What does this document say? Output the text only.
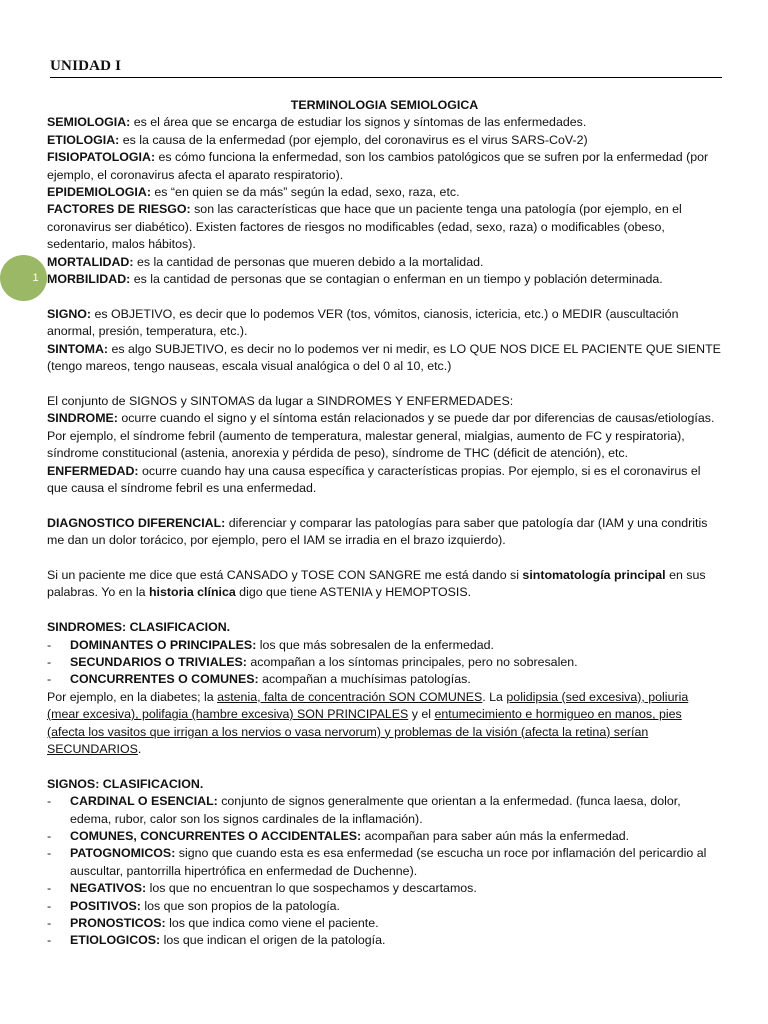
UNIDAD I
1

TERMINOLOGIA SEMIOLOGICA

SEMIOLOGIA: es el área que se encarga de estudiar los signos y síntomas de las enfermedades.

ETIOLOGIA: es la causa de la enfermedad (por ejemplo, del coronavirus es el virus SARS-CoV-2)

FISIOPATOLOGIA: es cómo funciona la enfermedad, son los cambios patológicos que se sufren por la enfermedad (por ejemplo, el coronavirus afecta el aparato respiratorio).

EPIDEMIOLOGIA: es “en quien se da más” según la edad, sexo, raza, etc.

FACTORES DE RIESGO: son las características que hace que un paciente tenga una patología (por ejemplo, en el coronavirus ser diabético). Existen factores de riesgos no modificables (edad, sexo, raza) o modificables (obeso, sedentario, malos hábitos).

MORTALIDAD: es la cantidad de personas que mueren debido a la mortalidad.

MORBILIDAD: es la cantidad de personas que se contagian o enferman en un tiempo y población determinada.

SIGNO: es OBJETIVO, es decir que lo podemos VER (tos, vómitos, cianosis, ictericia, etc.) o MEDIR (auscultación anormal, presión, temperatura, etc.).

SINTOMA: es algo SUBJETIVO, es decir no lo podemos ver ni medir, es LO QUE NOS DICE EL PACIENTE QUE SIENTE (tengo mareos, tengo nauseas, escala visual analógica o del 0 al 10, etc.)

El conjunto de SIGNOS y SINTOMAS da lugar a SINDROMES Y ENFERMEDADES:

SINDROME: ocurre cuando el signo y el síntoma están relacionados y se puede dar por diferencias de causas/etiologías. Por ejemplo, el síndrome febril (aumento de temperatura, malestar general, mialgias, aumento de FC y respiratoria), síndrome constitucional (astenia, anorexia y pérdida de peso), síndrome de THC (déficit de atención), etc.

ENFERMEDAD: ocurre cuando hay una causa específica y características propias. Por ejemplo, si es el coronavirus el que causa el síndrome febril es una enfermedad.

DIAGNOSTICO DIFERENCIAL: diferenciar y comparar las patologías para saber que patología dar (IAM y una condritis me dan un dolor torácico, por ejemplo, pero el IAM se irradia en el brazo izquierdo).

Si un paciente me dice que está CANSADO y TOSE CON SANGRE me está dando si sintomatología principal en sus palabras. Yo en la historia clínica digo que tiene ASTENIA y HEMOPTOSIS.

SINDROMES: CLASIFICACION.

-	DOMINANTES O PRINCIPALES: los que más sobresalen de la enfermedad.
-	SECUNDARIOS O TRIVIALES: acompañan a los síntomas principales, pero no sobresalen.
-	CONCURRENTES O COMUNES: acompañan a muchísimas patologías.

Por ejemplo, en la diabetes; la astenia, falta de concentración SON COMUNES. La polidipsia (sed excesiva), poliuria (mear excesiva), polifagia (hambre excesiva) SON PRINCIPALES y el entumecimiento e hormigueo en manos, pies (afecta los vasitos que irrigan a los nervios o vasa nervorum) y problemas de la visión (afecta la retina) serían SECUNDARIOS.

SIGNOS: CLASIFICACION.

-	CARDINAL O ESENCIAL: conjunto de signos generalmente que orientan a la enfermedad. (funca laesa, dolor, edema, rubor, calor son los signos cardinales de la inflamación).
-	COMUNES, CONCURRENTES O ACCIDENTALES: acompañan para saber aún más la enfermedad.
-	PATOGNOMICOS: signo que cuando esta es esa enfermedad (se escucha un roce por inflamación del pericardio al auscultar, pantorrilla hipertrófica en enfermedad de Duchenne).
-	NEGATIVOS: los que no encuentran lo que sospechamos y descartamos.
-	POSITIVOS: los que son propios de la patología.
-	PRONOSTICOS: los que indica como viene el paciente.
-	ETIOLOGICOS: los que indican el origen de la patología.
